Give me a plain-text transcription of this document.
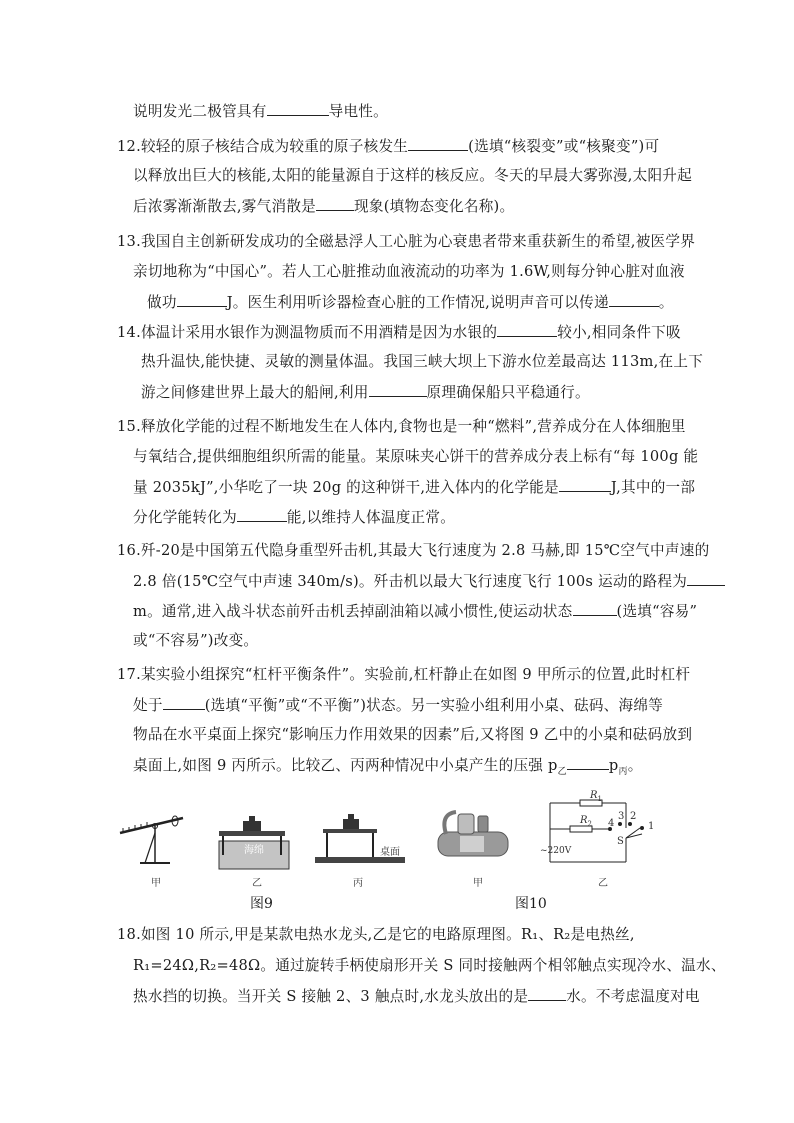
说明发光二极管具有	导电性。
12.较轻的原子核结合成为较重的原子核发生	(选填“核裂变”或“核聚变”)可
以释放出巨大的核能,太阳的能量源自于这样的核反应。冬天的早晨大雾弥漫,太阳升起
后浓雾渐渐散去,雾气消散是	现象(填物态变化名称)。
13.我国自主创新研发成功的全磁悬浮人工心脏为心衰患者带来重获新生的希望,被医学界
亲切地称为“中国心”。若人工心脏推动血液流动的功率为 1.6W,则每分钟心脏对血液
做功	J。医生利用听诊器检查心脏的工作情况,说明声音可以传递	。
14.体温计采用水银作为测温物质而不用酒精是因为水银的	较小,相同条件下吸
热升温快,能快捷、灵敏的测量体温。我国三峡大坝上下游水位差最高达 113m,在上下
游之间修建世界上最大的船闸,利用	原理确保船只平稳通行。
15.释放化学能的过程不断地发生在人体内,食物也是一种“燃料”,营养成分在人体细胞里
与氧结合,提供细胞组织所需的能量。某原味夹心饼干的营养成分表上标有“每 100g 能
量 2035kJ”,小华吃了一块 20g 的这种饼干,进入体内的化学能是	J,其中的一部
分化学能转化为	能,以维持人体温度正常。
16.歼-20是中国第五代隐身重型歼击机,其最大飞行速度为 2.8 马赫,即 15℃空气中声速的
2.8 倍(15℃空气中声速 340m/s)。歼击机以最大飞行速度飞行 100s 运动的路程为
m。通常,进入战斗状态前歼击机丢掉副油箱以减小惯性,使运动状态	(选填“容易”
或“不容易”)改变。
17.某实验小组探究“杠杆平衡条件”。实验前,杠杆静止在如图 9 甲所示的位置,此时杠杆
处于	(选填“平衡”或“不平衡”)状态。另一实验小组利用小桌、砝码、海绵等
物品在水平桌面上探究“影响压力作用效果的因素”后,又将图 9 乙中的小桌和砝码放到
桌面上,如图 9 丙所示。比较乙、丙两种情况中小桌产生的压强 $p_乙$	$p_丙$。
海绵	桌面
甲	乙	丙
图9
$R_1$
$R_2$ 4
3 2
1
S
~220V
甲	乙
图10
18.如图 10 所示,甲是某款电热水龙头,乙是它的电路原理图。R₁、R₂是电热丝,
R₁=24Ω,R₂=48Ω。通过旋转手柄使扇形开关 S 同时接触两个相邻触点实现冷水、温水、
热水挡的切换。当开关 S 接触 2、3 触点时,水龙头放出的是	水。不考虑温度对电
